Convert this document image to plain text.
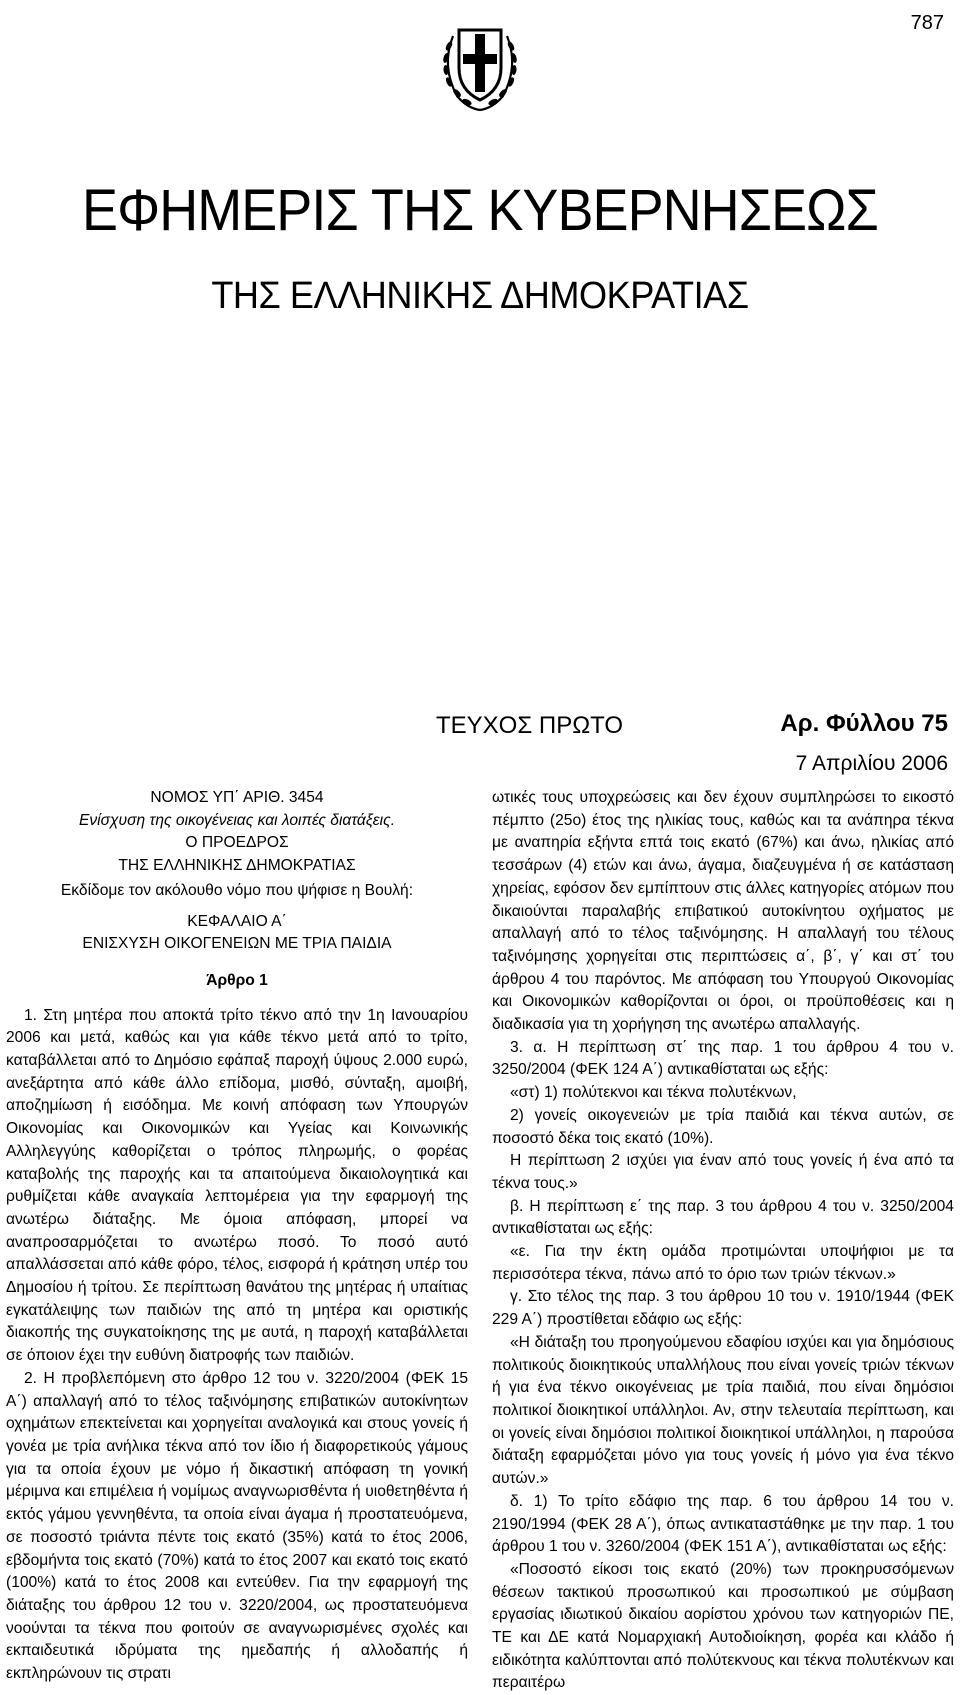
787
ΕΦΗΜΕΡΙΣ ΤΗΣ ΚΥΒΕΡΝΗΣΕΩΣ
ΤΗΣ ΕΛΛΗΝΙΚΗΣ ΔΗΜΟΚΡΑΤΙΑΣ
ΤΕΥΧΟΣ ΠΡΩΤΟ	Αρ. Φύλλου 75
7 Απριλίου 2006

ΝΟΜΟΣ ΥΠ΄ ΑΡΙΘ. 3454

Ενίσχυση της οικογένειας και λοιπές διατάξεις.

Ο ΠΡΟΕΔΡΟΣ

ΤΗΣ ΕΛΛΗΝΙΚΗΣ ΔΗΜΟΚΡΑΤΙΑΣ

Εκδίδομε τον ακόλουθο νόμο που ψήφισε η Βουλή:

ΚΕΦΑΛΑΙΟ Α΄

ΕΝΙΣΧΥΣΗ ΟΙΚΟΓΕΝΕΙΩΝ ΜΕ ΤΡΙΑ ΠΑΙΔΙΑ

Άρθρο 1

1. Στη μητέρα που αποκτά τρίτο τέκνο από την 1η Ιανουαρίου 2006 και μετά, καθώς και για κάθε τέκνο μετά από το τρίτο, καταβάλλεται από το Δημόσιο εφάπαξ παροχή ύψους 2.000 ευρώ, ανεξάρτητα από κάθε άλλο επίδομα, μισθό, σύνταξη, αμοιβή, αποζημίωση ή εισόδημα. Με κοινή απόφαση των Υπουργών Οικονομίας και Οικονομικών και Υγείας και Κοινωνικής Αλληλεγγύης καθορίζεται ο τρόπος πληρωμής, ο φορέας καταβολής της παροχής και τα απαιτούμενα δικαιολογητικά και ρυθμίζεται κάθε αναγκαία λεπτομέρεια για την εφαρμογή της ανωτέρω διάταξης. Με όμοια απόφαση, μπορεί να αναπροσαρμόζεται το ανωτέρω ποσό. Το ποσό αυτό απαλλάσσεται από κάθε φόρο, τέλος, εισφορά ή κράτηση υπέρ του Δημοσίου ή τρίτου. Σε περίπτωση θανάτου της μητέρας ή υπαίτιας εγκατάλειψης των παιδιών της από τη μητέρα και οριστικής διακοπής της συγκατοίκησης της με αυτά, η παροχή καταβάλλεται σε όποιον έχει την ευθύνη διατροφής των παιδιών.

2. Η προβλεπόμενη στο άρθρο 12 του ν. 3220/2004 (ΦΕΚ 15 Α΄) απαλλαγή από το τέλος ταξινόμησης επιβατικών αυτοκίνητων οχημάτων επεκτείνεται και χορηγείται αναλογικά και στους γονείς ή γονέα με τρία ανήλικα τέκνα από τον ίδιο ή διαφορετικούς γάμους για τα οποία έχουν με νόμο ή δικαστική απόφαση τη γονική μέριμνα και επιμέλεια ή νομίμως αναγνωρισθέντα ή υιοθετηθέντα ή εκτός γάμου γεννηθέντα, τα οποία είναι άγαμα ή προστατευόμενα, σε ποσοστό τριάντα πέντε τοις εκατό (35%) κατά το έτος 2006, εβδομήντα τοις εκατό (70%) κατά το έτος 2007 και εκατό τοις εκατό (100%) κατά το έτος 2008 και εντεύθεν. Για την εφαρμογή της διάταξης του άρθρου 12 του ν. 3220/2004, ως προστατευόμενα νοούνται τα τέκνα που φοιτούν σε αναγνωρισμένες σχολές και εκπαιδευτικά ιδρύματα της ημεδαπής ή αλλοδαπής ή εκπληρώνουν τις στρατι

ωτικές τους υποχρεώσεις και δεν έχουν συμπληρώσει το εικοστό πέμπτο (25ο) έτος της ηλικίας τους, καθώς και τα ανάπηρα τέκνα με αναπηρία εξήντα επτά τοις εκατό (67%) και άνω, ηλικίας από τεσσάρων (4) ετών και άνω, άγαμα, διαζευγμένα ή σε κατάσταση χηρείας, εφόσον δεν εμπίπτουν στις άλλες κατηγορίες ατόμων που δικαιούνται παραλαβής επιβατικού αυτοκίνητου οχήματος με απαλλαγή από το τέλος ταξινόμησης. Η απαλλαγή του τέλους ταξινόμησης χορηγείται στις περιπτώσεις α΄, β΄, γ΄ και στ΄ του άρθρου 4 του παρόντος. Με απόφαση του Υπουργού Οικονομίας και Οικονομικών καθορίζονται οι όροι, οι προϋποθέσεις και η διαδικασία για τη χορήγηση της ανωτέρω απαλλαγής.

3. α. Η περίπτωση στ΄ της παρ. 1 του άρθρου 4 του ν. 3250/2004 (ΦΕΚ 124 Α΄) αντικαθίσταται ως εξής:

«στ) 1) πολύτεκνοι και τέκνα πολυτέκνων,

2) γονείς οικογενειών με τρία παιδιά και τέκνα αυτών, σε ποσοστό δέκα τοις εκατό (10%).

Η περίπτωση 2 ισχύει για έναν από τους γονείς ή ένα από τα τέκνα τους.»

β. Η περίπτωση ε΄ της παρ. 3 του άρθρου 4 του ν. 3250/2004 αντικαθίσταται ως εξής:

«ε. Για την έκτη ομάδα προτιμώνται υποψήφιοι με τα περισσότερα τέκνα, πάνω από το όριο των τριών τέκνων.»

γ. Στο τέλος της παρ. 3 του άρθρου 10 του ν. 1910/1944 (ΦΕΚ 229 Α΄) προστίθεται εδάφιο ως εξής:

«Η διάταξη του προηγούμενου εδαφίου ισχύει και για δημόσιους πολιτικούς διοικητικούς υπαλλήλους που είναι γονείς τριών τέκνων ή για ένα τέκνο οικογένειας με τρία παιδιά, που είναι δημόσιοι πολιτικοί διοικητικοί υπάλληλοι. Αν, στην τελευταία περίπτωση, και οι γονείς είναι δημόσιοι πολιτικοί διοικητικοί υπάλληλοι, η παρούσα διάταξη εφαρμόζεται μόνο για τους γονείς ή μόνο για ένα τέκνο αυτών.»

δ. 1) Το τρίτο εδάφιο της παρ. 6 του άρθρου 14 του ν. 2190/1994 (ΦΕΚ 28 Α΄), όπως αντικαταστάθηκε με την παρ. 1 του άρθρου 1 του ν. 3260/2004 (ΦΕΚ 151 Α΄), αντικαθίσταται ως εξής:

«Ποσοστό είκοσι τοις εκατό (20%) των προκηρυσσόμενων θέσεων τακτικού προσωπικού και προσωπικού με σύμβαση εργασίας ιδιωτικού δικαίου αορίστου χρόνου των κατηγοριών ΠΕ, ΤΕ και ΔΕ κατά Νομαρχιακή Αυτοδιοίκηση, φορέα και κλάδο ή ειδικότητα καλύπτονται από πολύτεκνους και τέκνα πολυτέκνων και περαιτέρω
